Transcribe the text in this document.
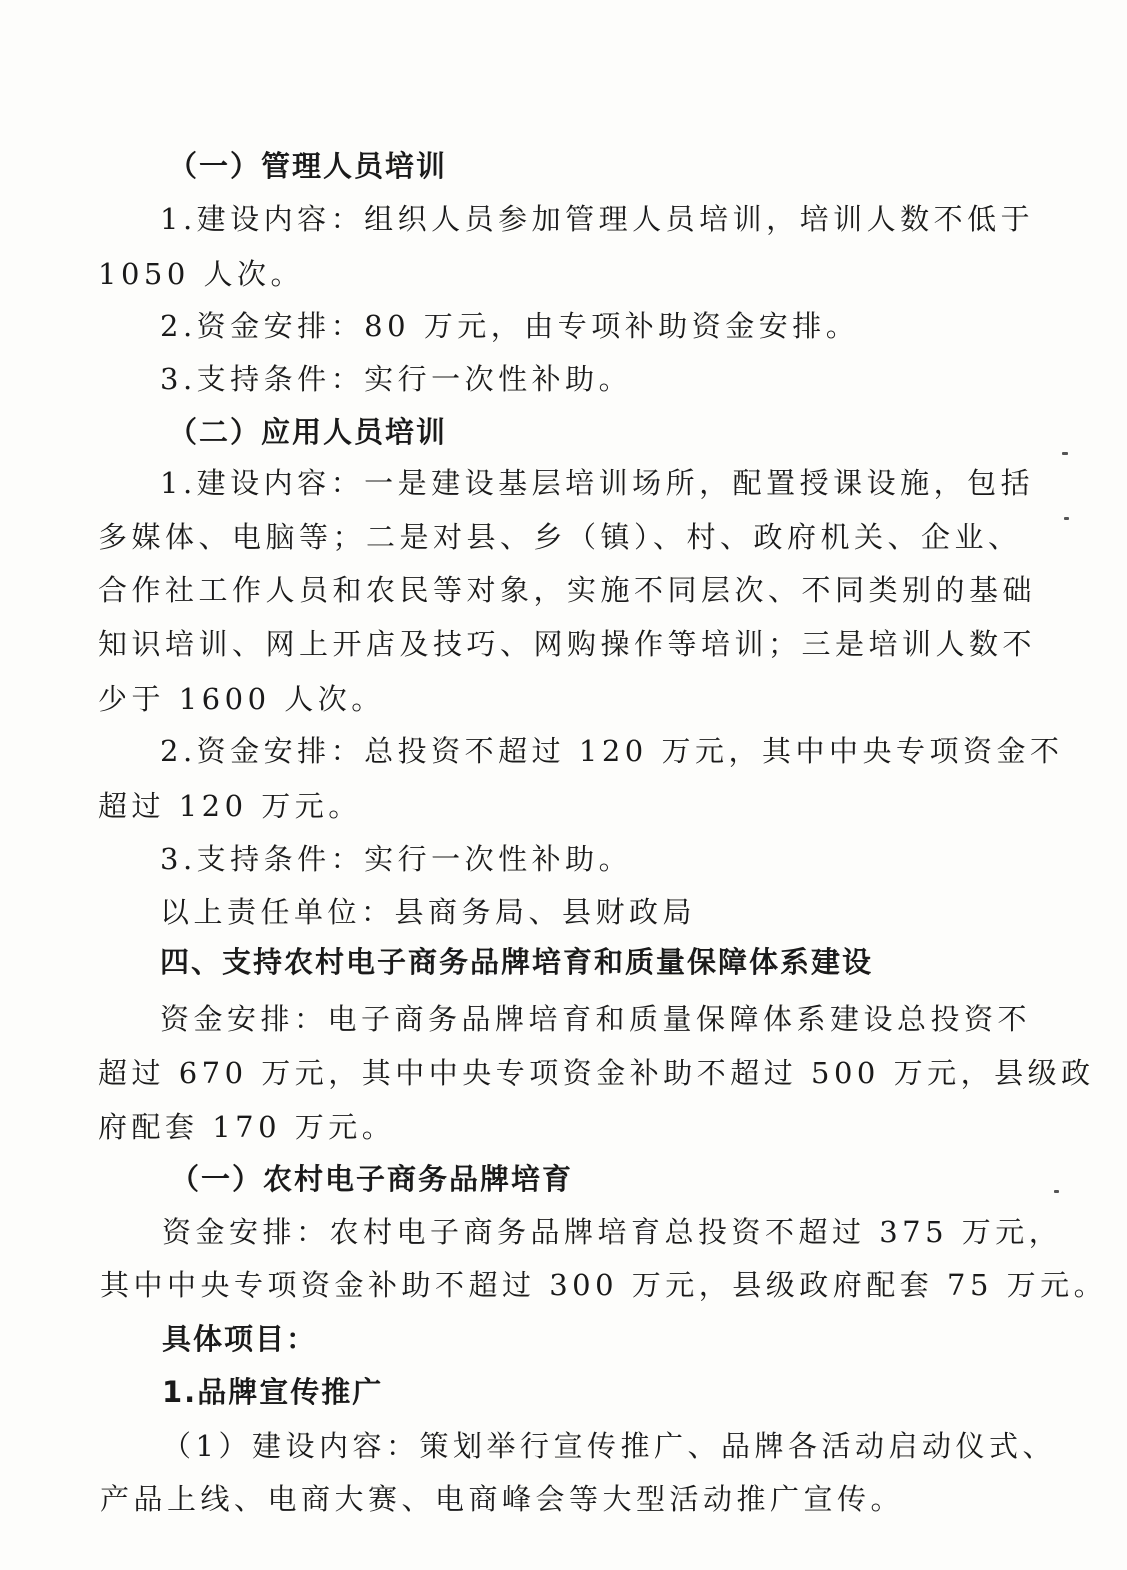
（一）管理人员培训
1.建设内容：组织人员参加管理人员培训，培训人数不低于
1050 人次。
2.资金安排：80 万元，由专项补助资金安排。
3.支持条件：实行一次性补助。
（二）应用人员培训
1.建设内容：一是建设基层培训场所，配置授课设施，包括
多媒体、电脑等；二是对县、乡（镇）、村、政府机关、企业、
合作社工作人员和农民等对象，实施不同层次、不同类别的基础
知识培训、网上开店及技巧、网购操作等培训；三是培训人数不
少于 1600 人次。
2.资金安排：总投资不超过 120 万元，其中中央专项资金不
超过 120 万元。
3.支持条件：实行一次性补助。
以上责任单位：县商务局、县财政局
四、支持农村电子商务品牌培育和质量保障体系建设
资金安排：电子商务品牌培育和质量保障体系建设总投资不
超过 670 万元，其中中央专项资金补助不超过 500 万元，县级政
府配套 170 万元。
（一）农村电子商务品牌培育
资金安排：农村电子商务品牌培育总投资不超过 375 万元，
其中中央专项资金补助不超过 300 万元，县级政府配套 75 万元。
具体项目：
1.品牌宣传推广
（1）建设内容：策划举行宣传推广、品牌各活动启动仪式、
产品上线、电商大赛、电商峰会等大型活动推广宣传。
